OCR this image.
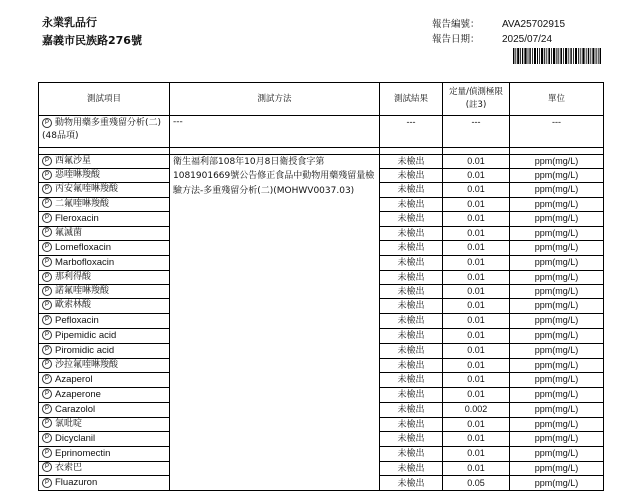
永業乳品行
嘉義市民族路276號
報告編號：	AVA25702915
報告日期：	2025/07/24
測試項目	測試方法	測試結果	定量/偵測極限(註3)	單位
P 動物用藥多重殘留分析(二)(48品項)	---	---	---	---

P 西氟沙星	衛生福利部108年10月8日衛授食字第1081901669號公告修正食品中動物用藥殘留量檢驗方法-多重殘留分析(二)(MOHWV0037.03)	未檢出	0.01	ppm(mg/L)
P 惡喹啉羧酸		未檢出	0.01	ppm(mg/L)
P 丙安氟喹啉羧酸		未檢出	0.01	ppm(mg/L)
P 二氟喹啉羧酸		未檢出	0.01	ppm(mg/L)
P Fleroxacin		未檢出	0.01	ppm(mg/L)
P 氟滅菌		未檢出	0.01	ppm(mg/L)
P Lomefloxacin		未檢出	0.01	ppm(mg/L)
P Marbofloxacin		未檢出	0.01	ppm(mg/L)
P 那利得酸		未檢出	0.01	ppm(mg/L)
P 諾氟喹啉羧酸		未檢出	0.01	ppm(mg/L)
P 歐索林酸		未檢出	0.01	ppm(mg/L)
P Pefloxacin		未檢出	0.01	ppm(mg/L)
P Pipemidic acid		未檢出	0.01	ppm(mg/L)
P Piromidic acid		未檢出	0.01	ppm(mg/L)
P 沙拉氟喹啉羧酸		未檢出	0.01	ppm(mg/L)
P Azaperol		未檢出	0.01	ppm(mg/L)
P Azaperone		未檢出	0.01	ppm(mg/L)
P Carazolol		未檢出	0.002	ppm(mg/L)
P 氯吡啶		未檢出	0.01	ppm(mg/L)
P Dicyclanil		未檢出	0.01	ppm(mg/L)
P Eprinomectin		未檢出	0.01	ppm(mg/L)
P 衣索巴		未檢出	0.01	ppm(mg/L)
P Fluazuron		未檢出	0.05	ppm(mg/L)
